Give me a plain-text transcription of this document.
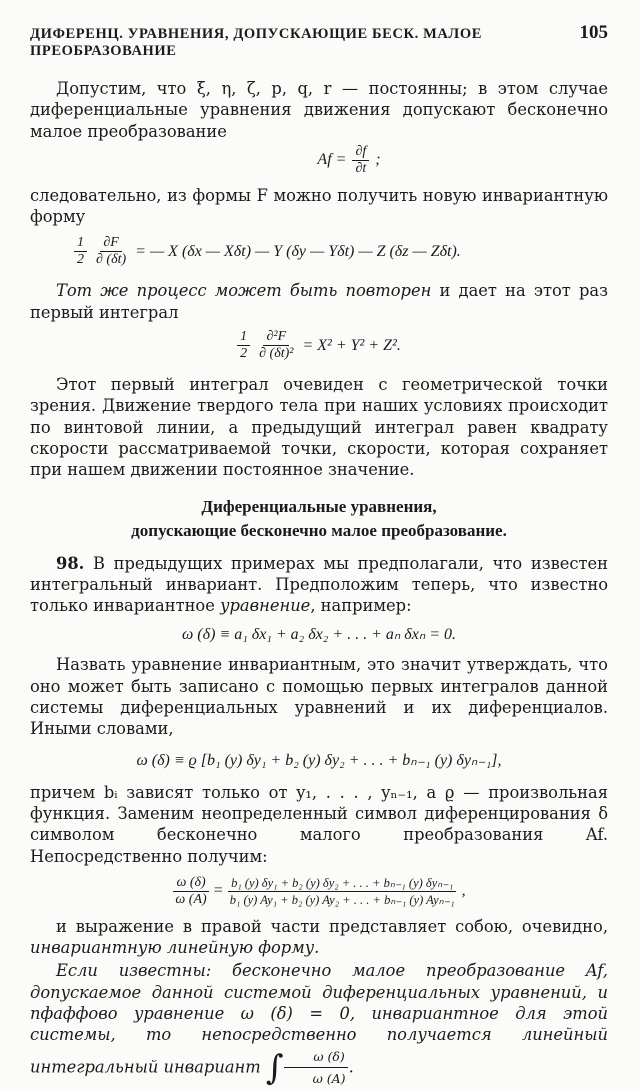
ДИФЕРЕНЦ. УРАВНЕНИЯ, ДОПУСКАЮЩИЕ БЕСК. МАЛОЕ ПРЕОБРАЗОВАНИЕ
105

Допустим, что ξ, η, ζ, p, q, r — постоянны; в этом случае диференциальные уравнения движения допускают бесконечно малое преобразование

$Af = \frac{\partial f}{\partial t}$ ;

следовательно, из формы F можно получить новую инвариантную форму

$\frac{1}{2} \frac{\partial F}{\partial (\delta t)}$ = — X (δx — Xδt) — Y (δy — Yδt) — Z (δz — Zδt).

Тот же процесс может быть повторен и дает на этот раз первый интеграл

$\frac{1}{2} \frac{\text{∂²F}}{\text{∂ (δt)²}} = X^2 + Y^2 + Z^2$.

Этот первый интеграл очевиден с геометрической точки зрения. Движение твердого тела при наших условиях происходит по винтовой линии, а предыдущий интеграл равен квадрату скорости рассматриваемой точки, скорости, которая сохраняет при нашем движении постоянное значение.

Диференциальные уравнения,
допускающие бесконечно малое преобразование.

98. В предыдущих примерах мы предполагали, что известен интегральный инвариант. Предположим теперь, что известно только инвариантное уравнение, например:

ω (δ) ≡ a₁ δx₁ + a₂ δx₂ + . . . + aₙ δxₙ = 0.

Назвать уравнение инвариантным, это значит утверждать, что оно может быть записано с помощью первых интегралов данной системы диференциальных уравнений и их диференциалов. Иными словами,

ω (δ) ≡ ϱ [b₁ (y) δy₁ + b₂ (y) δy₂ + . . . + bₙ₋₁ (y) δyₙ₋₁],

причем bᵢ зависят только от y₁, . . . , yₙ₋₁, а ϱ — произвольная функция. Заменим неопределенный символ диференцирования δ символом бесконечно малого преобразования Af. Непосредственно получим:

$\frac{\omega (\delta)}{\omega (A)} = \frac{\text{b₁ (y) δy₁ + b₂ (y) δy₂ + . . . + bₙ₋₁ (y) δyₙ₋₁}}{\text{b₁ (y) Ay₁ + b₂ (y) Ay₂ + . . . + bₙ₋₁ (y) Ayₙ₋₁}}$ ,

и выражение в правой части представляет собою, очевидно, инвариантную линейную форму.

Если известны: бесконечно малое преобразование Af, допускаемое данной системой диференциальных уравнений, и пфаффово уравнение ω (δ) = 0, инвариантное для этой системы, то непосредственно получается линейный интегральный инвариант ∫ $\frac{\omega (\delta)}{\omega (A)}$ .
